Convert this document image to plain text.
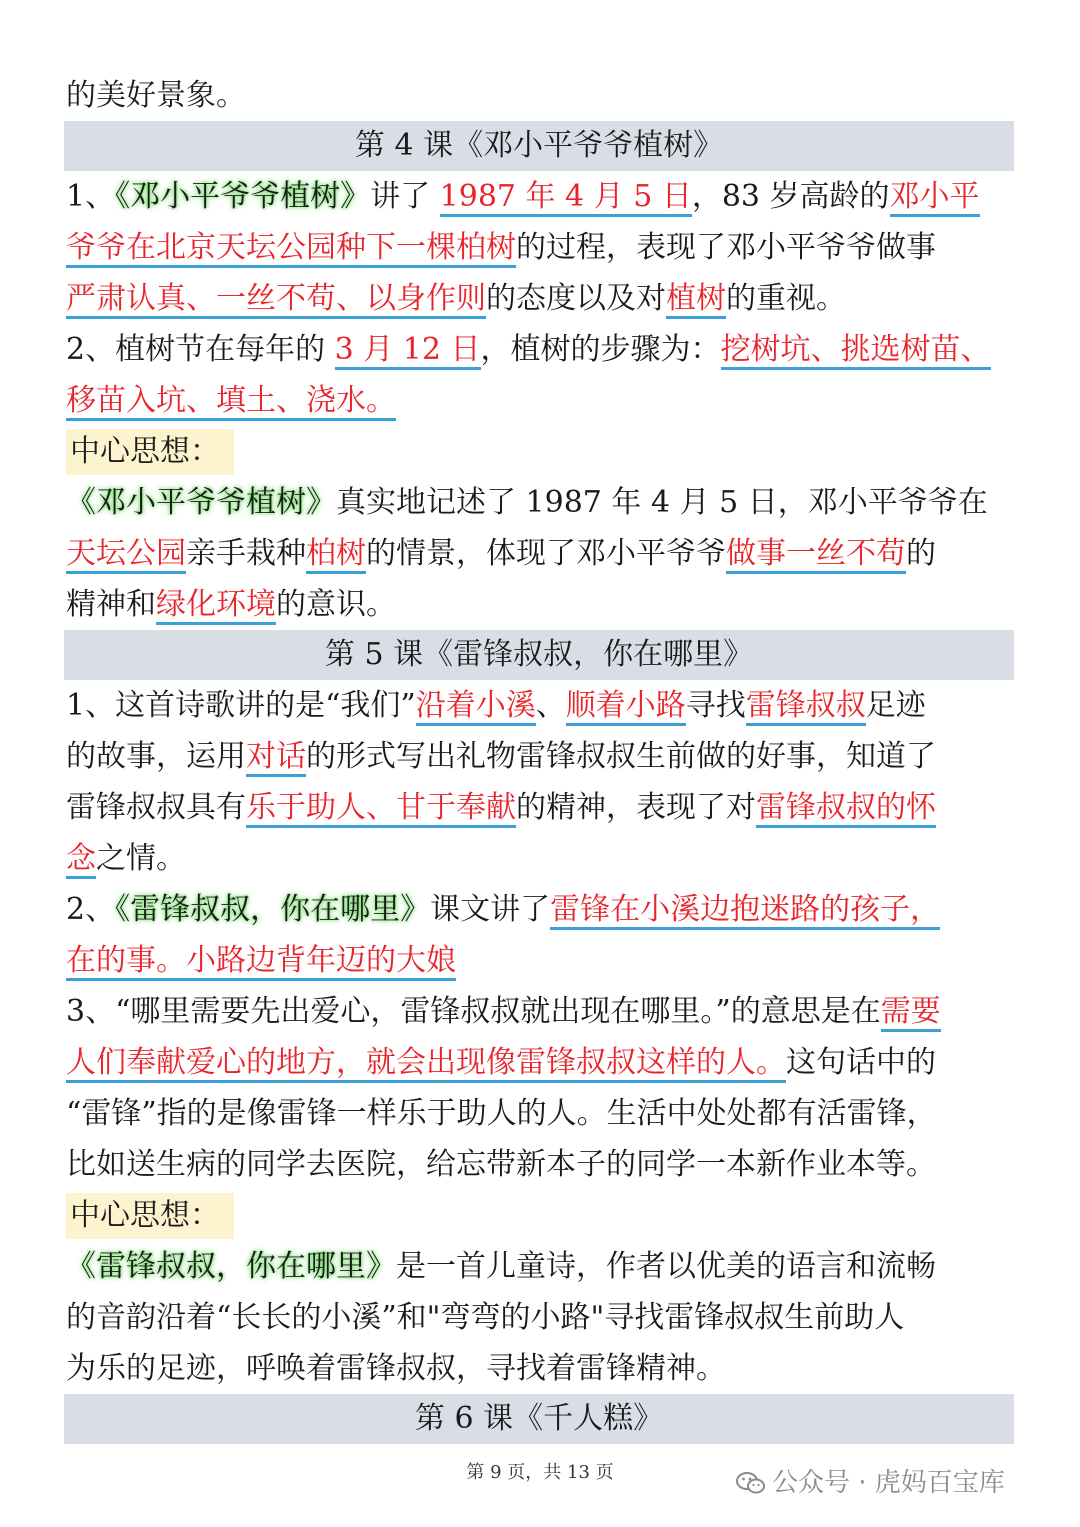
的美好景象。
第 4 课《邓小平爷爷植树》
1、《邓小平爷爷植树》讲了 1987 年 4 月 5 日，83 岁高龄的邓小平
爷爷在北京天坛公园种下一棵柏树的过程，表现了邓小平爷爷做事
严肃认真、一丝不苟、以身作则的态度以及对植树的重视。
2、植树节在每年的 3 月 12 日，植树的步骤为：挖树坑、挑选树苗、
移苗入坑、填土、浇水。
中心思想：
《邓小平爷爷植树》真实地记述了 1987 年 4 月 5 日，邓小平爷爷在
天坛公园亲手栽种柏树的情景，体现了邓小平爷爷做事一丝不苟的
精神和绿化环境的意识。
第 5 课《雷锋叔叔，你在哪里》
1、这首诗歌讲的是“我们”沿着小溪、顺着小路寻找雷锋叔叔足迹
的故事，运用对话的形式写出礼物雷锋叔叔生前做的好事，知道了
雷锋叔叔具有乐于助人、甘于奉献的精神，表现了对雷锋叔叔的怀
念之情。
2、《雷锋叔叔，你在哪里》课文讲了雷锋在小溪边抱迷路的孩子，
在的事。小路边背年迈的大娘
3、“哪里需要先出爱心，雷锋叔叔就出现在哪里。”的意思是在需要
人们奉献爱心的地方，就会出现像雷锋叔叔这样的人。这句话中的
“雷锋”指的是像雷锋一样乐于助人的人。生活中处处都有活雷锋，
比如送生病的同学去医院，给忘带新本子的同学一本新作业本等。
中心思想：
《雷锋叔叔，你在哪里》是一首儿童诗，作者以优美的语言和流畅
的音韵沿着“长长的小溪”和"弯弯的小路"寻找雷锋叔叔生前助人
为乐的足迹，呼唤着雷锋叔叔，寻找着雷锋精神。
第 6 课《千人糕》
第 9 页，共 13 页	公众号 · 虎妈百宝库
